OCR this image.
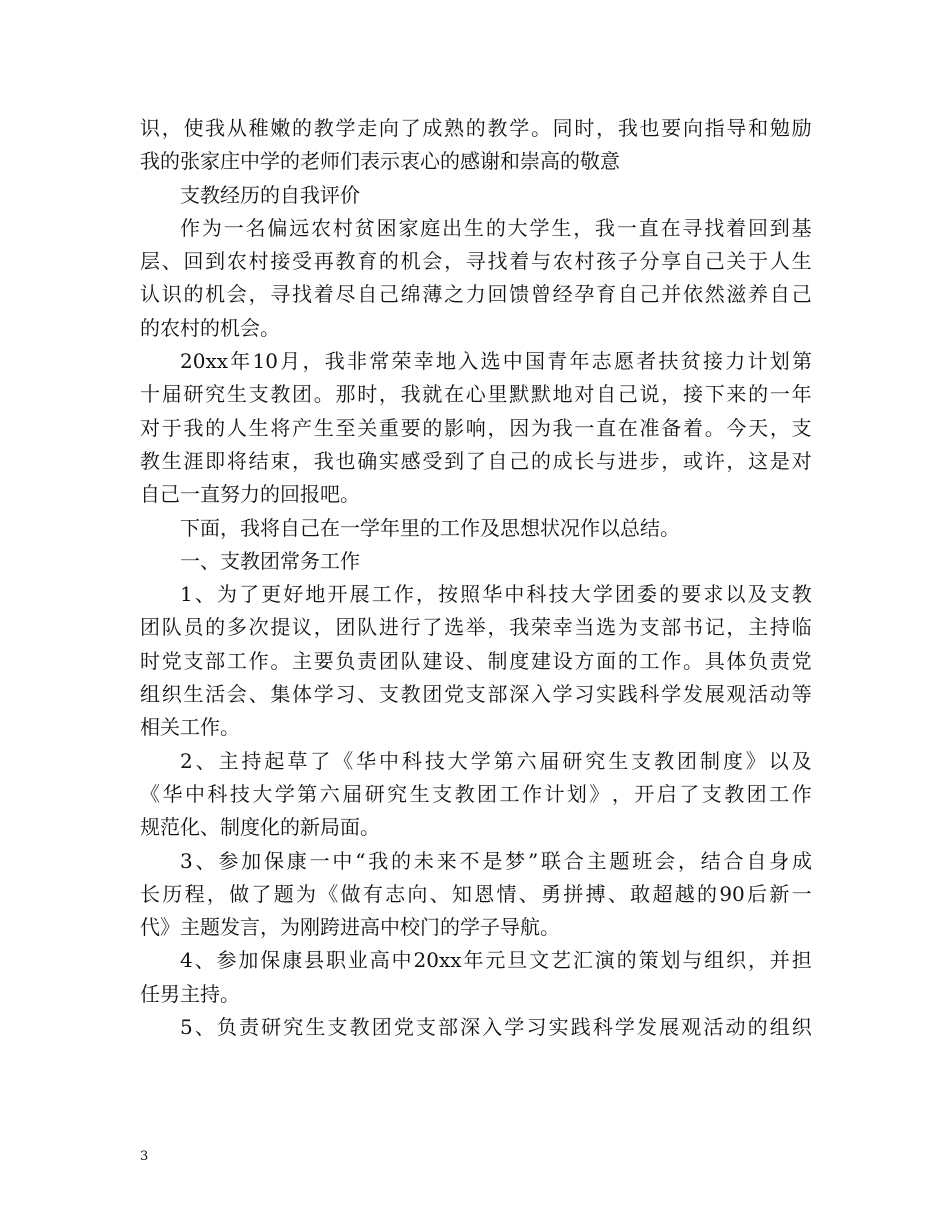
识 ， 使 我 从 稚 嫩 的 教 学 走 向 了 成 熟 的 教 学 。 同 时 ， 我 也 要 向 指 导 和 勉 励
我的张家庄中学的老师们表示衷心的感谢和崇高的敬意
支教经历的自我评价
作 为 一 名 偏 远 农 村 贫 困 家 庭 出 生 的 大 学 生 ， 我 一 直 在 寻 找 着 回 到 基
层 、 回 到 农 村 接 受 再 教 育 的 机 会 ， 寻 找 着 与 农 村 孩 子 分 享 自 己 关 于 人 生
认 识 的 机 会 ， 寻 找 着 尽 自 己 绵 薄 之 力 回 馈 曾 经 孕 育 自 己 并 依 然 滋 养 自 己
的农村的机会。
20xx 年 10 月 ， 我 非 常 荣 幸 地 入 选 中 国 青 年 志 愿 者 扶 贫 接 力 计 划 第
十 届 研 究 生 支 教 团 。 那 时 ， 我 就 在 心 里 默 默 地 对 自 己 说 ， 接 下 来 的 一 年
对 于 我 的 人 生 将 产 生 至 关 重 要 的 影 响 ， 因 为 我 一 直 在 准 备 着 。 今 天 ， 支
教 生 涯 即 将 结 束 ， 我 也 确 实 感 受 到 了 自 己 的 成 长 与 进 步 ， 或 许 ， 这 是 对
自己一直努力的回报吧。
下面，我将自己在一学年里的工作及思想状况作以总结。
一、支教团常务工作
1 、 为 了 更 好 地 开 展 工 作 ， 按 照 华 中 科 技 大 学 团 委 的 要 求 以 及 支 教
团 队 员 的 多 次 提 议 ， 团 队 进 行 了 选 举 ， 我 荣 幸 当 选 为 支 部 书 记 ， 主 持 临
时 党 支 部 工 作 。 主 要 负 责 团 队 建 设 、 制 度 建 设 方 面 的 工 作 。 具 体 负 责 党
组 织 生 活 会 、 集 体 学 习 、 支 教 团 党 支 部 深 入 学 习 实 践 科 学 发 展 观 活 动 等
相关工作。
2 、 主 持 起 草 了 《 华 中 科 技 大 学 第 六 届 研 究 生 支 教 团 制 度 》 以 及
《 华 中 科 技 大 学 第 六 届 研 究 生 支 教 团 工 作 计 划 》 ， 开 启 了 支 教 团 工 作
规范化、制度化的新局面。
3 、 参 加 保 康 一 中 “ 我 的 未 来 不 是 梦 ” 联 合 主 题 班 会 ， 结 合 自 身 成
长 历 程 ， 做 了 题 为 《 做 有 志 向 、 知 恩 情 、 勇 拼 搏 、 敢 超 越 的 90 后 新 一
代》主题发言，为刚跨进高中校门的学子导航。
4 、 参 加 保 康 县 职 业 高 中 20xx 年 元 旦 文 艺 汇 演 的 策 划 与 组 织 ， 并 担
任男主持。
5 、 负 责 研 究 生 支 教 团 党 支 部 深 入 学 习 实 践 科 学 发 展 观 活 动 的 组 织
3
